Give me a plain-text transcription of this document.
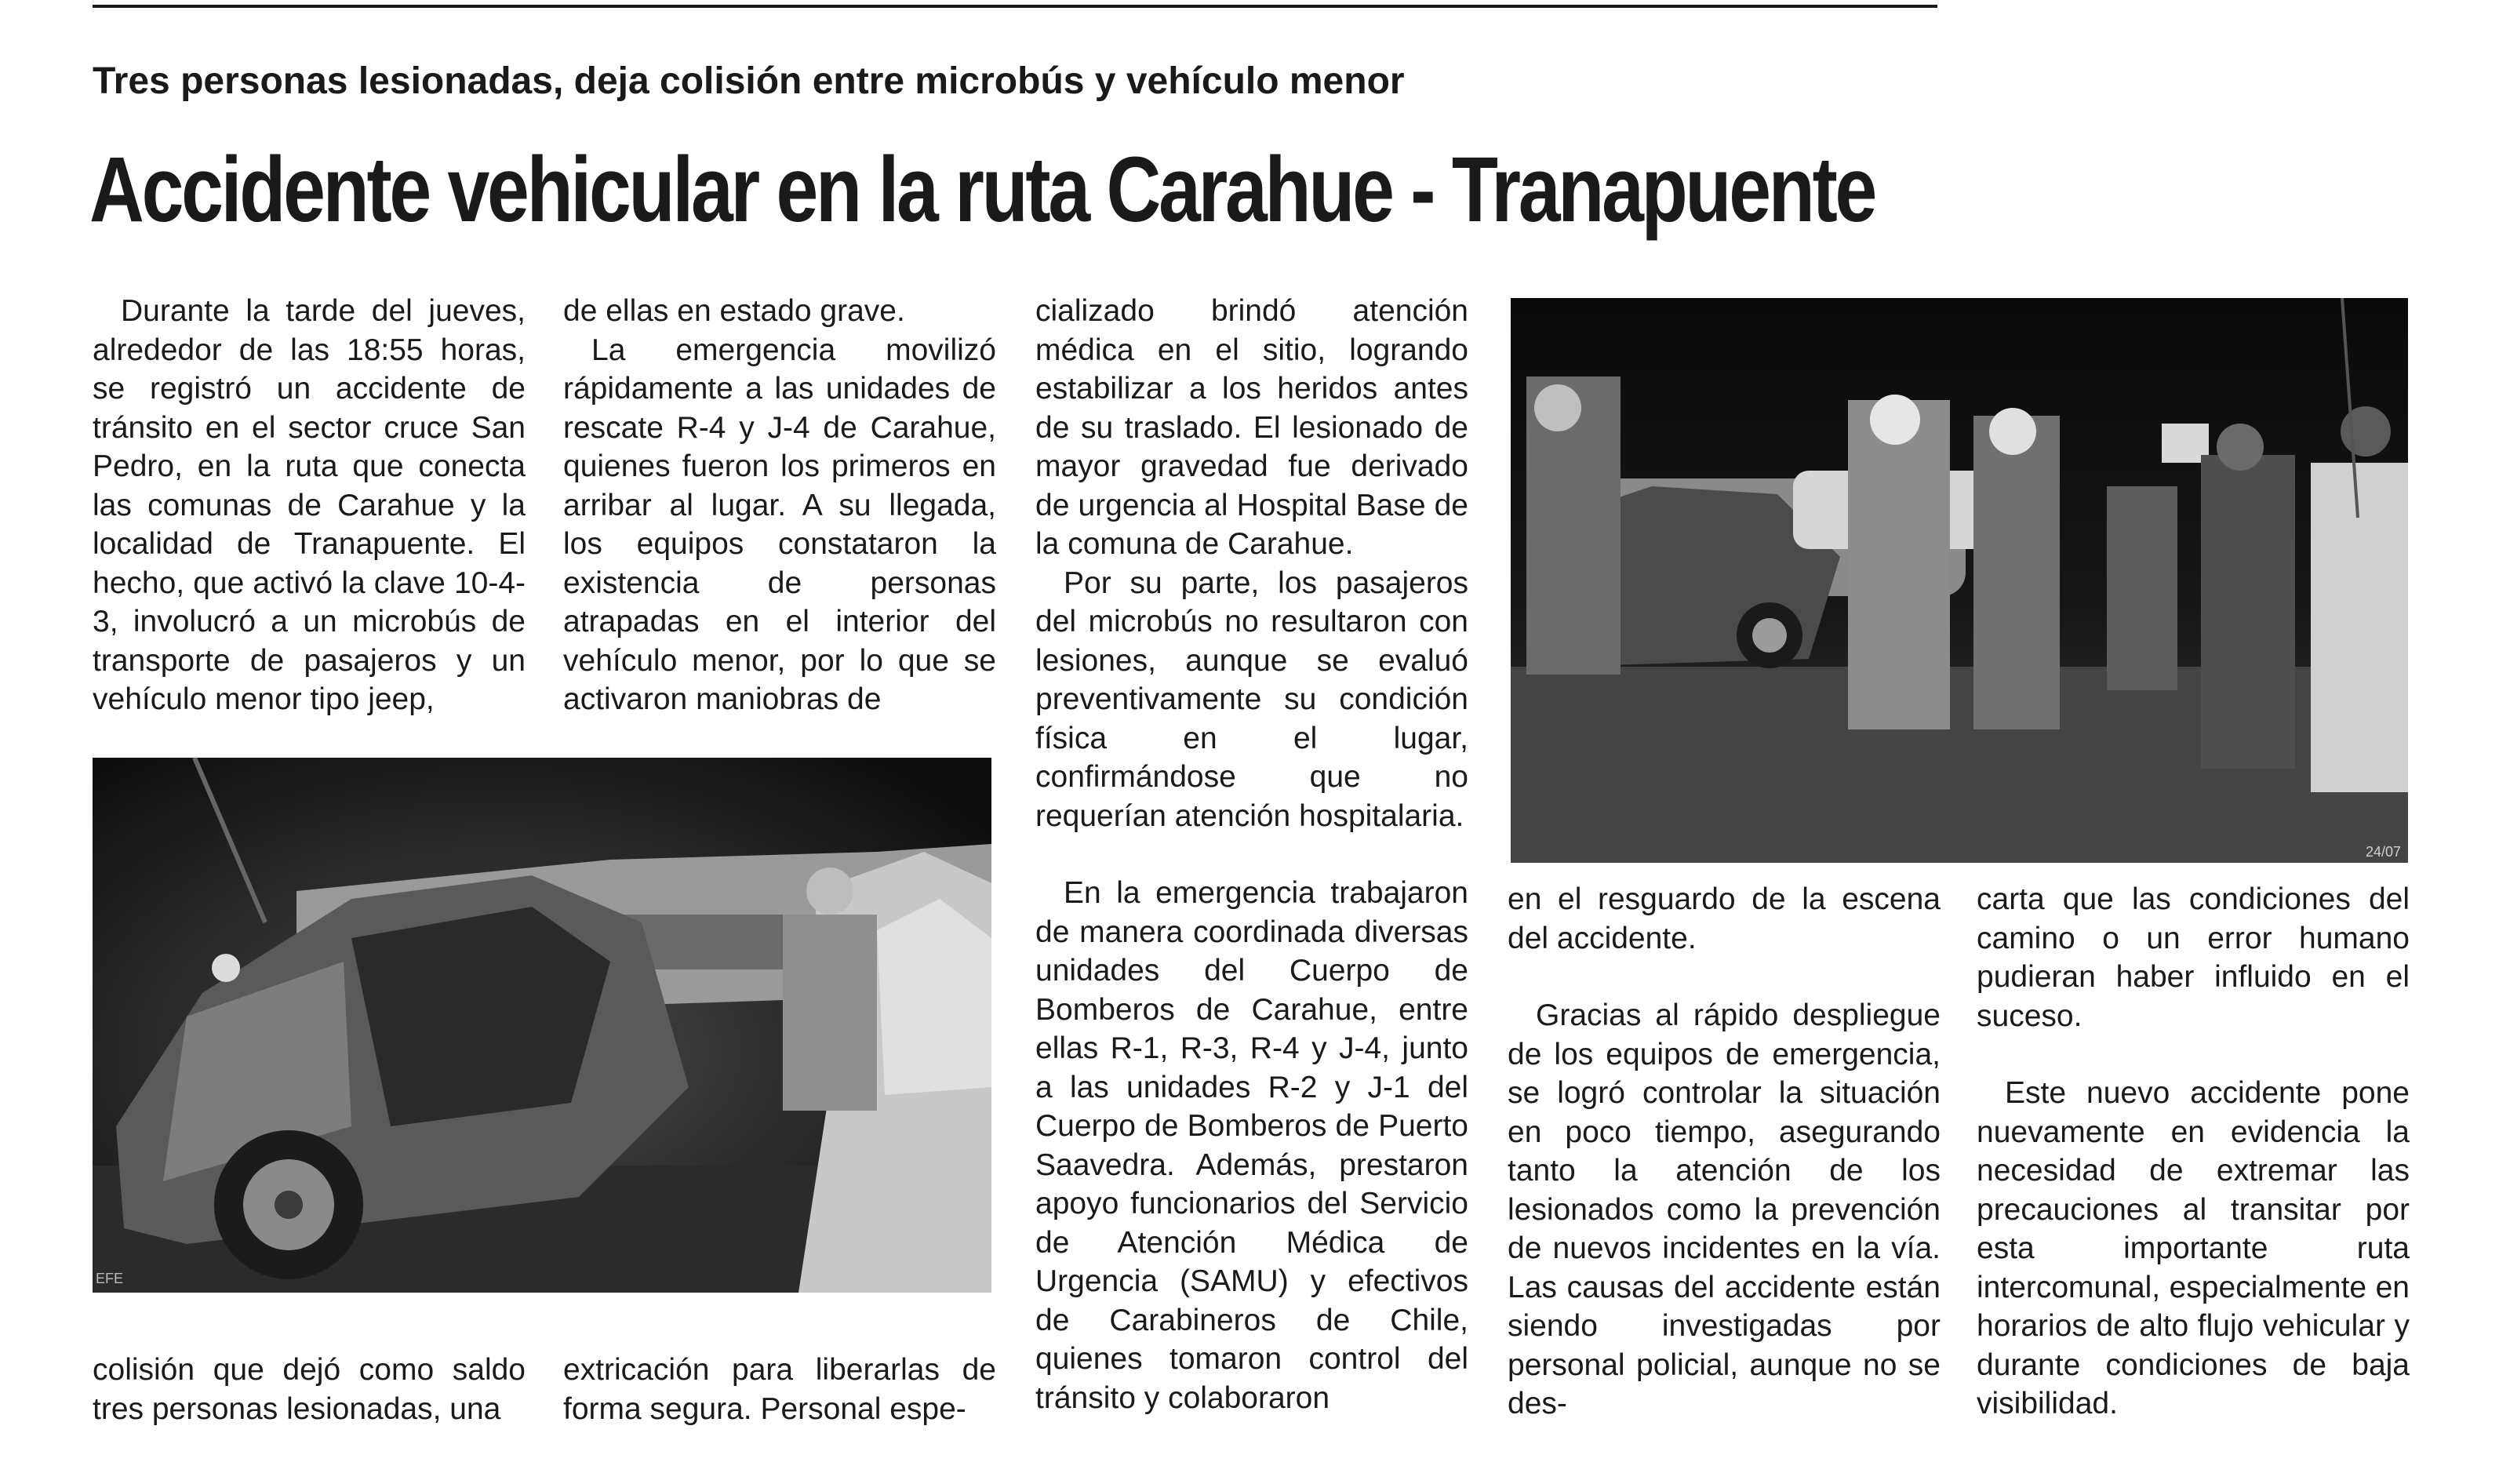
Tres personas lesionadas, deja colisión entre microbús y vehículo menor
Accidente vehicular en la ruta Carahue - Tranapuente

Durante la tarde del jueves, alrededor de las 18:55 horas, se registró un accidente de tránsito en el sector cruce San Pedro, en la ruta que conecta las comunas de Carahue y la localidad de Tranapuente. El hecho, que activó la clave 10-4-3, involucró a un microbús de transporte de pasajeros y un vehículo menor tipo jeep,

colisión que dejó como saldo tres personas lesionadas, una

de ellas en estado grave.

La emergencia movilizó rápidamente a las unidades de rescate R-4 y J-4 de Carahue, quienes fueron los primeros en arribar al lugar. A su llegada, los equipos constataron la existencia de personas atrapadas en el interior del vehículo menor, por lo que se activaron maniobras de

extricación para liberarlas de forma segura. Personal espe-

EFE

cializado brindó atención médica en el sitio, logrando estabilizar a los heridos antes de su traslado. El lesionado de mayor gravedad fue derivado de urgencia al Hospital Base de la comuna de Carahue.

Por su parte, los pasajeros del microbús no resultaron con lesiones, aunque se evaluó preventivamente su condición física en el lugar, confirmándose que no requerían atención hospitalaria.

En la emergencia trabajaron de manera coordinada diversas unidades del Cuerpo de Bomberos de Carahue, entre ellas R-1, R-3, R-4 y J-4, junto a las unidades R-2 y J-1 del Cuerpo de Bomberos de Puerto Saavedra. Además, prestaron apoyo funcionarios del Servicio de Atención Médica de Urgencia (SAMU) y efectivos de Carabineros de Chile, quienes tomaron control del tránsito y colaboraron

24/07

en el resguardo de la escena del accidente.

Gracias al rápido despliegue de los equipos de emergencia, se logró controlar la situación en poco tiempo, asegurando tanto la atención de los lesionados como la prevención de nuevos incidentes en la vía. Las causas del accidente están siendo investigadas por personal policial, aunque no se des-

carta que las condiciones del camino o un error humano pudieran haber influido en el suceso.

Este nuevo accidente pone nuevamente en evidencia la necesidad de extremar las precauciones al transitar por esta importante ruta intercomunal, especialmente en horarios de alto flujo vehicular y durante condiciones de baja visibilidad.
